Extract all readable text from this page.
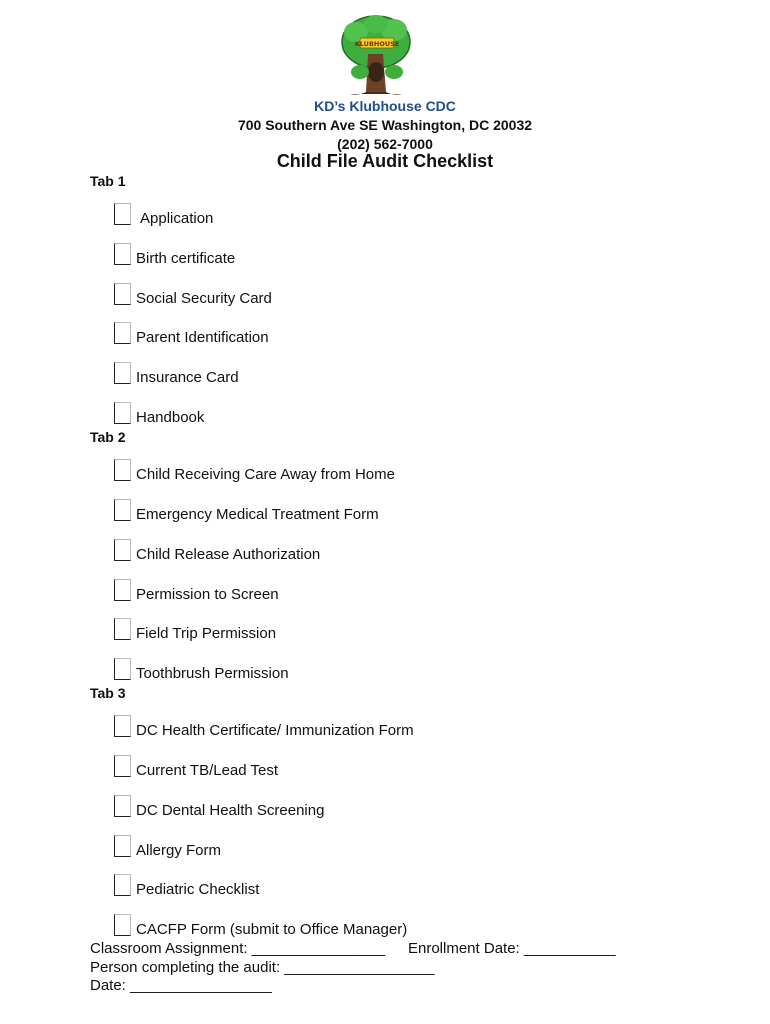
KLUBHOUSE
KD’s Klubhouse CDC
700 Southern Ave SE Washington, DC 20032
(202) 562-7000
Child File Audit Checklist
Tab 1
Application
Birth certificate
Social Security Card
Parent Identification
Insurance Card
Handbook
Tab 2
Child Receiving Care Away from Home
Emergency Medical Treatment Form
Child Release Authorization
Permission to Screen
Field Trip Permission
Toothbrush Permission
Tab 3
DC Health Certificate/ Immunization Form
Current TB/Lead Test
DC Dental Health Screening
Allergy Form
Pediatric Checklist
CACFP Form (submit to Office Manager)
Classroom Assignment: ________________ Enrollment Date: ___________
Person completing the audit: __________________
Date: _________________
